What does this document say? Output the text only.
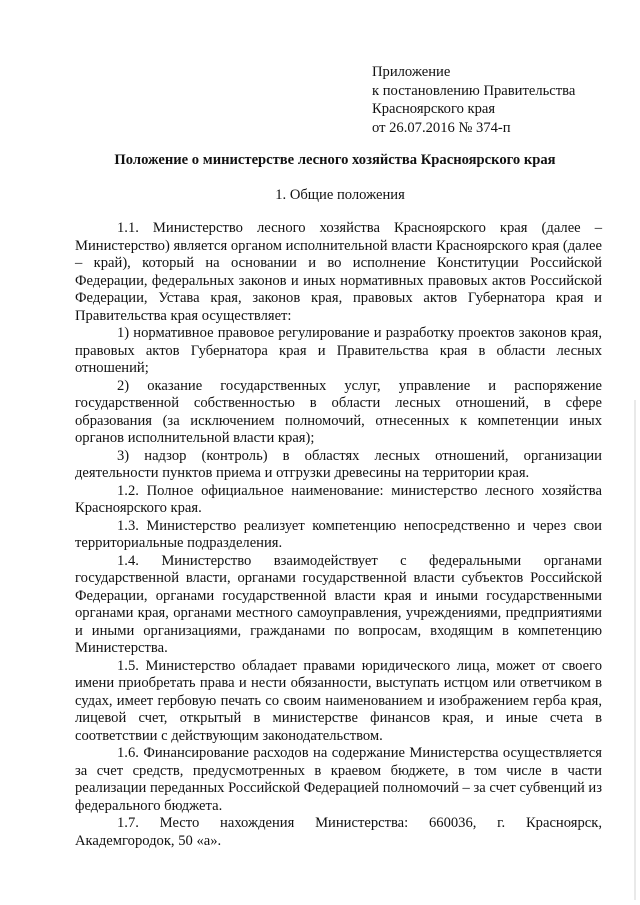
Приложение
к постановлению Правительства
Красноярского края
от 26.07.2016 № 374-п
Положение о министерстве лесного хозяйства Красноярского края
1. Общие положения

1.1. Министерство лесного хозяйства Красноярского края (далее – Министерство) является органом исполнительной власти Красноярского края (далее – край), который на основании и во исполнение Конституции Российской Федерации, федеральных законов и иных нормативных правовых актов Российской Федерации, Устава края, законов края, правовых актов Губернатора края и Правительства края осуществляет:

1) нормативное правовое регулирование и разработку проектов законов края, правовых актов Губернатора края и Правительства края в области лесных отношений;

2) оказание государственных услуг, управление и распоряжение государственной собственностью в области лесных отношений, в сфере образования (за исключением полномочий, отнесенных к компетенции иных органов исполнительной власти края);

3) надзор (контроль) в областях лесных отношений, организации деятельности пунктов приема и отгрузки древесины на территории края.

1.2. Полное официальное наименование: министерство лесного хозяйства Красноярского края.

1.3. Министерство реализует компетенцию непосредственно и через свои территориальные подразделения.

1.4. Министерство взаимодействует с федеральными органами государственной власти, органами государственной власти субъектов Российской Федерации, органами государственной власти края и иными государственными органами края, органами местного самоуправления, учреждениями, предприятиями и иными организациями, гражданами по вопросам, входящим в компетенцию Министерства.

1.5. Министерство обладает правами юридического лица, может от своего имени приобретать права и нести обязанности, выступать истцом или ответчиком в судах, имеет гербовую печать со своим наименованием и изображением герба края, лицевой счет, открытый в министерстве финансов края, и иные счета в соответствии с действующим законодательством.

1.6. Финансирование расходов на содержание Министерства осуществляется за счет средств, предусмотренных в краевом бюджете, в том числе в части реализации переданных Российской Федерацией полномочий – за счет субвенций из федерального бюджета.

1.7. Место нахождения Министерства: 660036, г. Красноярск, Академгородок, 50 «а».
